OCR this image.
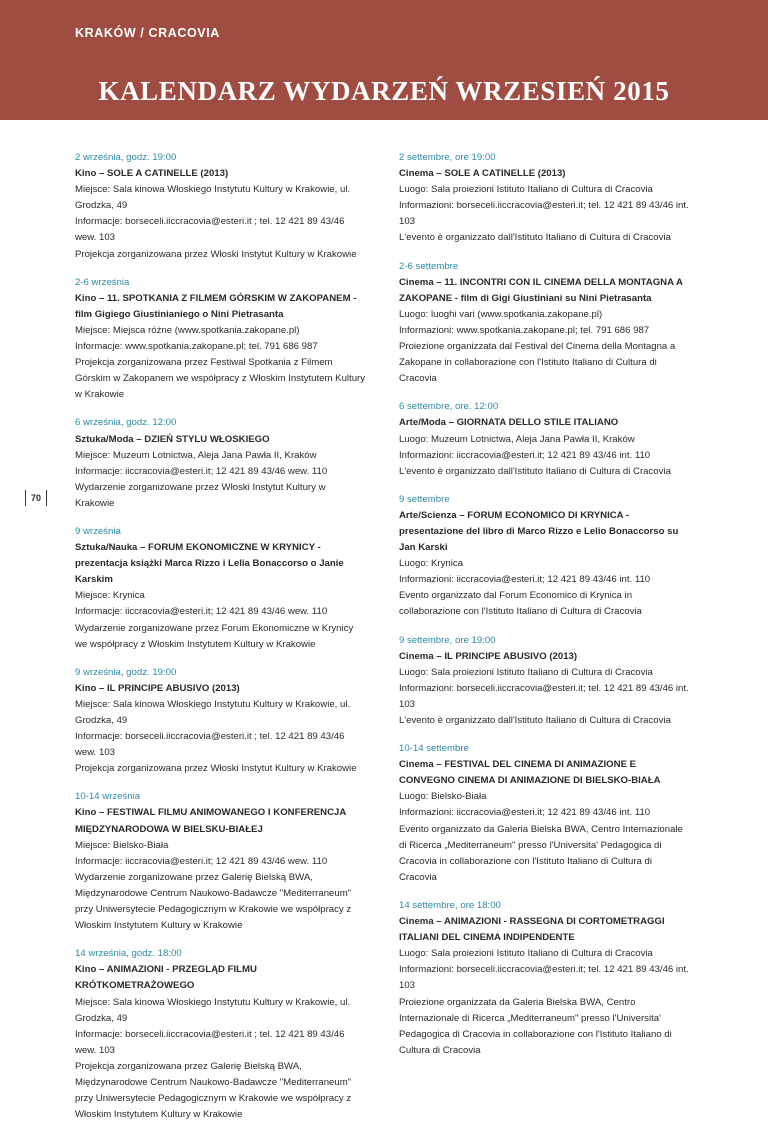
KRAKÓW / CRACOVIA
KALENDARZ WYDARZEŃ WRZESIEŃ 2015
70
2 września, godz. 19:00
Kino – SOLE A CATINELLE (2013)
Miejsce: Sala kinowa Włoskiego Instytutu Kultury w Krakowie, ul. Grodzka, 49
Informacje: borseceli.iiccracovia@esteri.it ; tel. 12 421 89 43/46 wew. 103
Projekcja zorganizowana przez Włoski Instytut Kultury w Krakowie
2-6 września
Kino – 11. SPOTKANIA Z FILMEM GÓRSKIM W ZAKOPANEM - film Gigiego Giustinianiego o Nini Pietrasanta
Miejsce: Miejsca różne (www.spotkania.zakopane.pl)
Informacje: www.spotkania.zakopane.pl; tel. 791 686 987
Projekcja zorganizowana przez Festiwal Spotkania z Filmem Górskim w Zakopanem we współpracy z Włoskim Instytutem Kultury w Krakowie
6 września, godz. 12:00
Sztuka/Moda – DZIEŃ STYLU WŁOSKIEGO
Miejsce: Muzeum Lotnictwa, Aleja Jana Pawła II, Kraków
Informacje: iiccracovia@esteri.it; 12 421 89 43/46 wew. 110
Wydarzenie zorganizowane przez Włoski Instytut Kultury w Krakowie
9 września
Sztuka/Nauka – FORUM EKONOMICZNE W KRYNICY - prezentacja książki Marca Rizzo i Lelia Bonaccorso o Janie Karskim
Miejsce: Krynica
Informacje: iiccracovia@esteri.it; 12 421 89 43/46 wew. 110
Wydarzenie zorganizowane przez Forum Ekonomiczne w Krynicy we współpracy z Włoskim Instytutem Kultury w Krakowie
9 września, godz. 19:00
Kino – IL PRINCIPE ABUSIVO (2013)
Miejsce: Sala kinowa Włoskiego Instytutu Kultury w Krakowie, ul. Grodzka, 49
Informacje: borseceli.iiccracovia@esteri.it ; tel. 12 421 89 43/46 wew. 103
Projekcja zorganizowana przez Włoski Instytut Kultury w Krakowie
10-14 września
Kino – FESTIWAL FILMU ANIMOWANEGO I KONFERENCJA MIĘDZYNARODOWA W BIELSKU-BIAŁEJ
Miejsce: Bielsko-Biała
Informacje: iiccracovia@esteri.it; 12 421 89 43/46 wew. 110
Wydarzenie zorganizowane przez Galerię Bielską BWA, Międzynarodowe Centrum Naukowo-Badawcze "Mediterraneum" przy Uniwersytecie Pedagogicznym w Krakowie we współpracy z Włoskim Instytutem Kultury w Krakowie
14 września, godz. 18:00
Kino – ANIMAZIONI - PRZEGLĄD FILMU KRÓTKOMETRAŻOWEGO
Miejsce: Sala kinowa Włoskiego Instytutu Kultury w Krakowie, ul. Grodzka, 49
Informacje: borseceli.iiccracovia@esteri.it ; tel. 12 421 89 43/46 wew. 103
Projekcja zorganizowana przez Galerię Bielską BWA, Międzynarodowe Centrum Naukowo-Badawcze "Mediterraneum" przy Uniwersytecie Pedagogicznym w Krakowie we współpracy z Włoskim Instytutem Kultury w Krakowie
2 settembre, ore 19:00
Cinema – SOLE A CATINELLE (2013)
Luogo: Sala proiezioni Istituto Italiano di Cultura di Cracovia
Informazioni: borseceli.iiccracovia@esteri.it; tel. 12 421 89 43/46 int. 103
L'evento è organizzato dall'Istituto Italiano di Cultura di Cracovia
2-6 settembre
Cinema – 11. INCONTRI CON IL CINEMA DELLA MONTAGNA A ZAKOPANE - film di Gigi Giustiniani su Nini Pietrasanta
Luogo: luoghi vari (www.spotkania.zakopane.pl)
Informazioni: www.spotkania.zakopane.pl; tel. 791 686 987
Proiezione organizzata dal Festival del Cinema della Montagna a Zakopane in collaborazione con l'Istituto Italiano di Cultura di Cracovia
6 settembre, ore. 12:00
Arte/Moda – GIORNATA DELLO STILE ITALIANO
Luogo: Muzeum Lotnictwa, Aleja Jana Pawła II, Kraków
Informazioni: iiccracovia@esteri.it; 12 421 89 43/46 int. 110
L'evento è organizzato dall'Istituto Italiano di Cultura di Cracovia
9 settembre
Arte/Scienza – FORUM ECONOMICO DI KRYNICA - presentazione del libro di Marco Rizzo e Lelio Bonaccorso su Jan Karski
Luogo: Krynica
Informazioni: iiccracovia@esteri.it; 12 421 89 43/46 int. 110
Evento organizzato dal Forum Economico di Krynica in collaborazione con l'Istituto Italiano di Cultura di Cracovia
9 settembre, ore 19:00
Cinema – IL PRINCIPE ABUSIVO (2013)
Luogo: Sala proiezioni Istituto Italiano di Cultura di Cracovia
Informazioni: borseceli.iiccracovia@esteri.it; tel. 12 421 89 43/46 int. 103
L'evento è organizzato dall'Istituto Italiano di Cultura di Cracovia
10-14 settembre
Cinema – FESTIVAL DEL CINEMA DI ANIMAZIONE E CONVEGNO CINEMA DI ANIMAZIONE DI BIELSKO-BIAŁA
Luogo: Bielsko-Biała
Informazioni: iiccracovia@esteri.it; 12 421 89 43/46 int. 110
Evento organizzato da Galeria Bielska BWA, Centro Internazionale di Ricerca „Mediterraneum" presso l'Universita' Pedagogica di Cracovia in collaborazione con l'Istituto Italiano di Cultura di Cracovia
14 settembre, ore 18:00
Cinema – ANIMAZIONI - RASSEGNA DI CORTOMETRAGGI ITALIANI DEL CINEMA INDIPENDENTE
Luogo: Sala proiezioni Istituto Italiano di Cultura di Cracovia
Informazioni: borseceli.iiccracovia@esteri.it; tel. 12 421 89 43/46 int. 103
Proiezione organizzata da Galeria Bielska BWA, Centro Internazionale di Ricerca „Mediterraneum" presso l'Universita' Pedagogica di Cracovia in collaborazione con l'Istituto Italiano di Cultura di Cracovia
